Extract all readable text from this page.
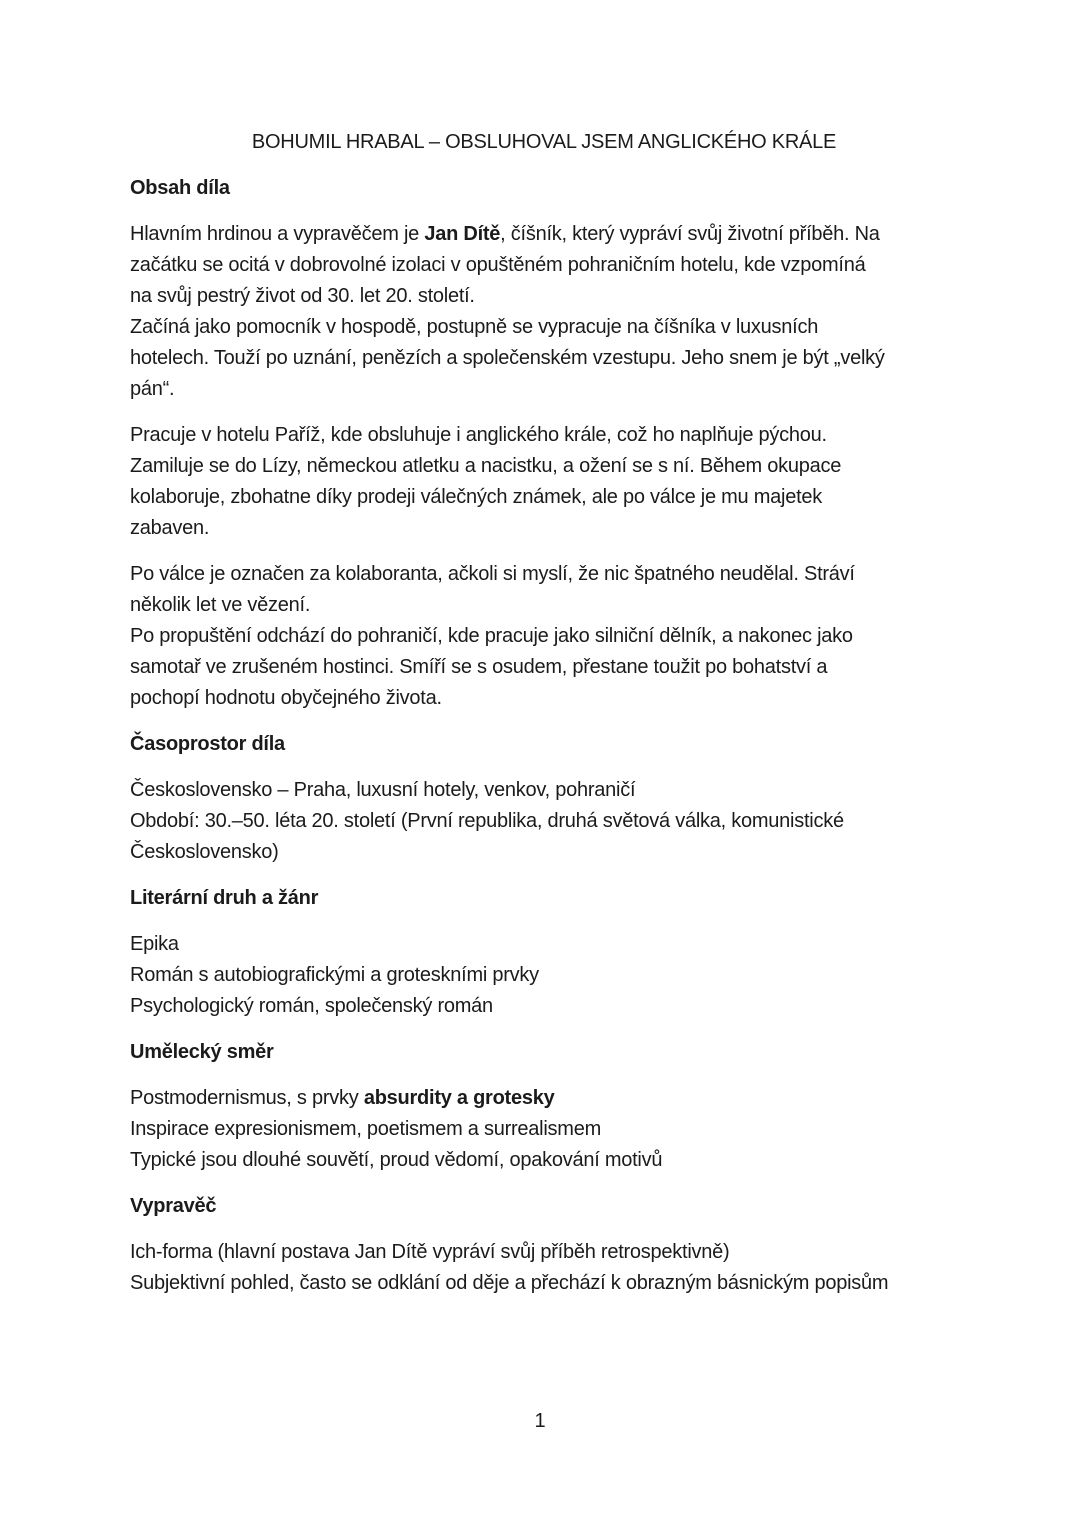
BOHUMIL HRABAL – OBSLUHOVAL JSEM ANGLICKÉHO KRÁLE

Obsah díla

Hlavním hrdinou a vypravěčem je Jan Dítě, číšník, který vypráví svůj životní příběh. Na
začátku se ocitá v dobrovolné izolaci v opuštěném pohraničním hotelu, kde vzpomíná
na svůj pestrý život od 30. let 20. století.
Začíná jako pomocník v hospodě, postupně se vypracuje na číšníka v luxusních
hotelech. Touží po uznání, penězích a společenském vzestupu. Jeho snem je být „velký
pán“.

Pracuje v hotelu Paříž, kde obsluhuje i anglického krále, což ho naplňuje pýchou.
Zamiluje se do Lízy, německou atletku a nacistku, a ožení se s ní. Během okupace
kolaboruje, zbohatne díky prodeji válečných známek, ale po válce je mu majetek
zabaven.

Po válce je označen za kolaboranta, ačkoli si myslí, že nic špatného neudělal. Stráví
několik let ve vězení.
Po propuštění odchází do pohraničí, kde pracuje jako silniční dělník, a nakonec jako
samotař ve zrušeném hostinci. Smíří se s osudem, přestane toužit po bohatství a
pochopí hodnotu obyčejného života.

Časoprostor díla

Československo – Praha, luxusní hotely, venkov, pohraničí
Období: 30.–50. léta 20. století (První republika, druhá světová válka, komunistické
Československo)

Literární druh a žánr

Epika
Román s autobiografickými a groteskními prvky
Psychologický román, společenský román

Umělecký směr

Postmodernismus, s prvky absurdity a grotesky
Inspirace expresionismem, poetismem a surrealismem
Typické jsou dlouhé souvětí, proud vědomí, opakování motivů

Vypravěč

Ich-forma (hlavní postava Jan Dítě vypráví svůj příběh retrospektivně)
Subjektivní pohled, často se odklání od děje a přechází k obrazným básnickým popisům

1
